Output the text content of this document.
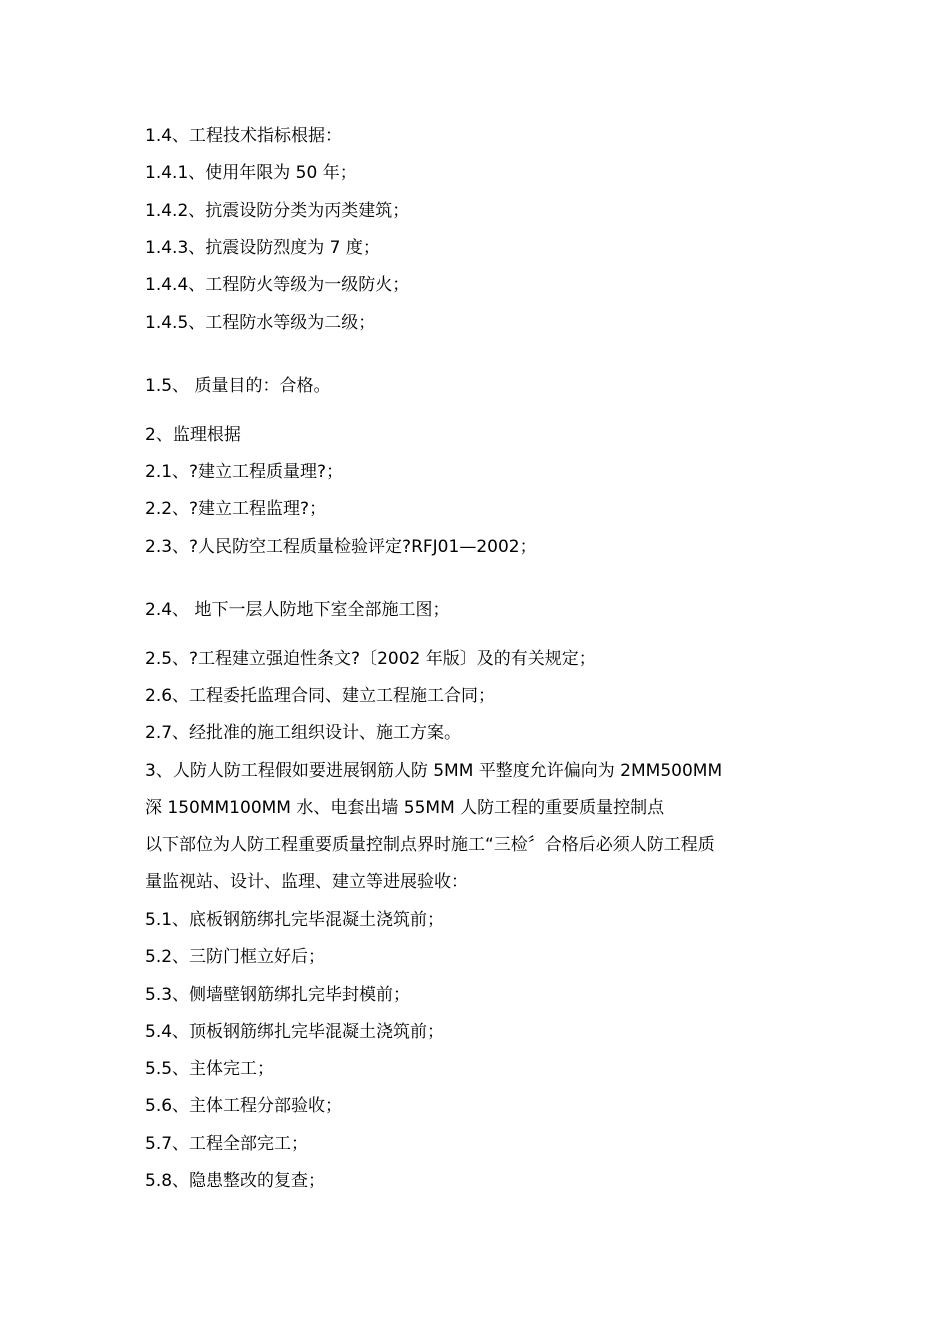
1.4、工程技术指标根据：
1.4.1、使用年限为 50 年；
1.4.2、抗震设防分类为丙类建筑；
1.4.3、抗震设防烈度为 7 度；
1.4.4、工程防火等级为一级防火；
1.4.5、工程防水等级为二级；
1.5、 质量目的：合格。
2、监理根据
2.1、?建立工程质量理?；
2.2、?建立工程监理?；
2.3、?人民防空工程质量检验评定?RFJ01—2002；
2.4、 地下一层人防地下室全部施工图；
2.5、?工程建立强迫性条文?〔2002 年版〕及的有关规定；
2.6、工程委托监理合同、建立工程施工合同；
2.7、经批准的施工组织设计、施工方案。
3、人防人防工程假如要进展钢筋人防 5MM 平整度允许偏向为 2MM500MM
深 150MM100MM 水、电套出墙 55MM 人防工程的重要质量控制点
以下部位为人防工程重要质量控制点界时施工“三检〞合格后必须人防工程质
量监视站、设计、监理、建立等进展验收：
5.1、底板钢筋绑扎完毕混凝土浇筑前；
5.2、三防门框立好后；
5.3、侧墙壁钢筋绑扎完毕封模前；
5.4、顶板钢筋绑扎完毕混凝土浇筑前；
5.5、主体完工；
5.6、主体工程分部验收；
5.7、工程全部完工；
5.8、隐患整改的复查；
